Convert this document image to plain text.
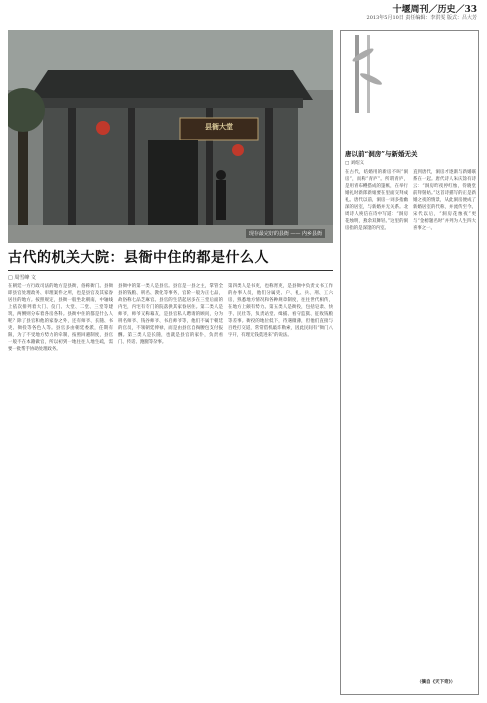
十堰周刊／历史／33
2013年5月10日 责任编辑：李洪雯 版式：吕大芳
县衙大堂
现存最完好的县衙 —— 内乡县衙
古代的机关大院：县衙中住的都是什么人
□ 周雪峰 文
在朝廷一方行政司法的地方是县衙，俗称衙门。县衙即县官处理政务、审理案件之所，也是县官及其家眷居住的地方。按照规定，县衙一般坐北朝南，中轴线上依次排列着大门、仪门、大堂、二堂、三堂等建筑，两侧则分布着各房各科。县衙中住的都是什么人呢？除了县官和他的家眷之外，还有师爷、长随、书吏、衙役等各色人等。县官多由朝廷委派，任期有限，为了不受地方势力的牵制，按照回避制度，县官一般不在本籍做官，所以初到一地往往人地生疏，需要一批帮手协助处理政务。
县衙中的第一类人是县官。县官是一县之主，掌管全县的钱粮、刑名、教化等事务，官阶一般为正七品，故俗称七品芝麻官。县官的生活起居多在三堂后面的内宅，内宅有专门的院落供其家眷居住。第二类人是师爷，师爷又称幕友，是县官私人聘请的顾问，分为刑名师爷、钱谷师爷、书启师爷等，他们不属于朝廷的官员，不领朝廷俸禄，而是由县官自掏腰包支付报酬。第三类人是长随，也就是县官的家仆，负责看门、传话、跑腿等杂事。
第四类人是书吏，也称胥吏，是县衙中负责文书工作的办事人员，他们分属吏、户、礼、兵、刑、工六房，熟悉地方情况和各种规章制度，往往世代相传，在地方上颇有势力。第五类人是衙役，包括皂隶、快手、民壮等，负责站堂、缉捕、看守监狱、征收钱粮等差事。衙役的地位低下，待遇微薄，但他们直接与百姓打交道，常常借机敲诈勒索，因此民间有“衙门八字开，有理无钱莫进来”的说法。
唐以前“洞房”与新婚无关
□ 刘绍义
在古代，结婚用的新房不叫“洞房”，而称“青庐”。所谓青庐，是用青布幔搭成的篷帐，在举行婚礼时新郎新娘要在里面交拜成礼。唐代以前，洞房一词多指幽深的居室，与新婚并无关系。北周诗人庾信在诗中写道：“洞房花烛明，燕余双舞轻。”这里的洞房指的是深邃的内室。
直到唐代，洞房才逐渐与新婚联系在一起。唐代诗人朱庆馀有诗云：“洞房昨夜停红烛，待晓堂前拜舅姑。”这首诗描写的正是新婚之夜的情景，从此洞房便成了新婚居室的代称，并流传至今。宋代以后，“洞房花烛夜”更与“金榜题名时”并列为人生四大喜事之一。
（摘自《天下奇》）
